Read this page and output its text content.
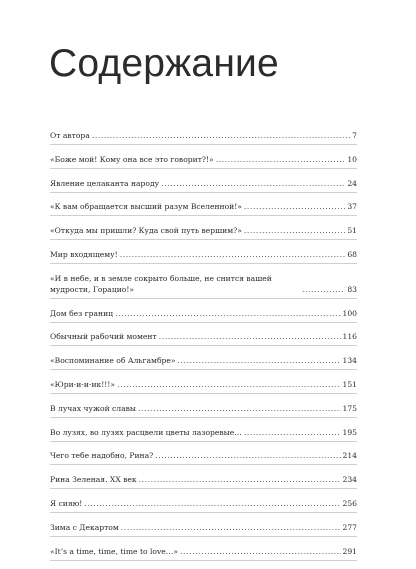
Содержание
От автора .....	7
«Боже мой! Кому она все это говорит?!» .....	10
Явление целаканта народу .....	24
«К вам обращается высший разум Вселенной!» .....	37
«Откуда мы пришли? Куда свой путь вершим?» .....	51
Мир входящему! .....	68
«И в небе, и в земле сокрыто больше, не снится вашей мудрости, Горацио!» .....	83
Дом без границ .....	100
Обычный рабочий момент .....	116
«Воспоминание об Альгамбре» .....	134
«Юри-и-и-ик!!!» .....	151
В лучах чужой славы .....	175
Во лузях, во лузях расцвели цветы лазоревые… .....	195
Чего тебе надобно, Рина? .....	214
Рина Зеленая. XX век .....	234
Я сияю! .....	256
Зима с Декартом .....	277
«It’s a time, time, time to love…» .....	291
